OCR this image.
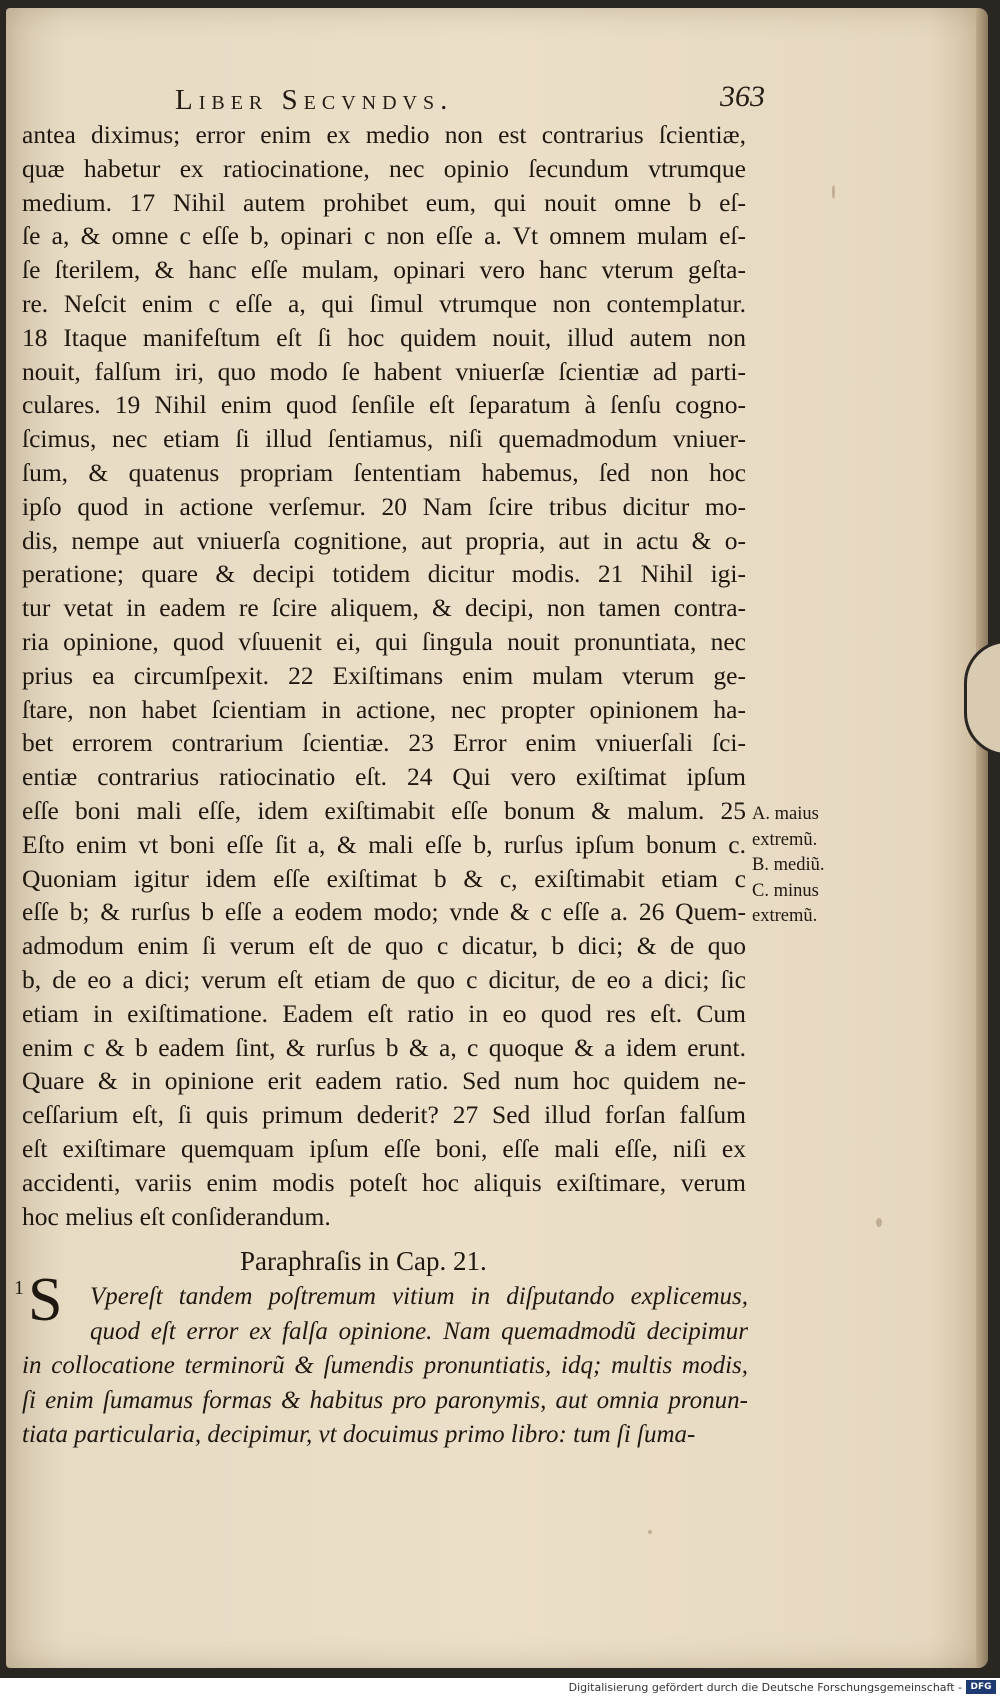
Liber Secvndvs.	363
antea diximus; error enim ex medio non est contrarius ſcientiæ,
quæ habetur ex ratiocinatione, nec opinio ſecundum vtrumque
medium. 17 Nihil autem prohibet eum, qui nouit omne b eſ-
ſe a, & omne c eſſe b, opinari c non eſſe a. Vt omnem mulam eſ-
ſe ſterilem, & hanc eſſe mulam, opinari vero hanc vterum geſta-
re. Neſcit enim c eſſe a, qui ſimul vtrumque non contemplatur.
18 Itaque manifeſtum eſt ſi hoc quidem nouit, illud autem non
nouit, falſum iri, quo modo ſe habent vniuerſæ ſcientiæ ad parti-
culares. 19 Nihil enim quod ſenſile eſt ſeparatum à ſenſu cogno-
ſcimus, nec etiam ſi illud ſentiamus, niſi quemadmodum vniuer-
ſum, & quatenus propriam ſententiam habemus, ſed non hoc
ipſo quod in actione verſemur. 20 Nam ſcire tribus dicitur mo-
dis, nempe aut vniuerſa cognitione, aut propria, aut in actu & o-
peratione; quare & decipi totidem dicitur modis. 21 Nihil igi-
tur vetat in eadem re ſcire aliquem, & decipi, non tamen contra-
ria opinione, quod vſuuenit ei, qui ſingula nouit pronuntiata, nec
prius ea circumſpexit. 22 Exiſtimans enim mulam vterum ge-
ſtare, non habet ſcientiam in actione, nec propter opinionem ha-
bet errorem contrarium ſcientiæ. 23 Error enim vniuerſali ſci-
entiæ contrarius ratiocinatio eſt. 24 Qui vero exiſtimat ipſum
eſſe boni mali eſſe, idem exiſtimabit eſſe bonum & malum. 25
Eſto enim vt boni eſſe ſit a, & mali eſſe b, rurſus ipſum bonum c.
Quoniam igitur idem eſſe exiſtimat b & c, exiſtimabit etiam c
eſſe b; & rurſus b eſſe a eodem modo; vnde & c eſſe a. 26 Quem-
admodum enim ſi verum eſt de quo c dicatur, b dici; & de quo
b, de eo a dici; verum eſt etiam de quo c dicitur, de eo a dici; ſic
etiam in exiſtimatione. Eadem eſt ratio in eo quod res eſt. Cum
enim c & b eadem ſint, & rurſus b & a, c quoque & a idem erunt.
Quare & in opinione erit eadem ratio. Sed num hoc quidem ne-
ceſſarium eſt, ſi quis primum dederit? 27 Sed illud forſan falſum
eſt exiſtimare quemquam ipſum eſſe boni, eſſe mali eſſe, niſi ex
accidenti, variis enim modis poteſt hoc aliquis exiſtimare, verum
hoc melius eſt conſiderandum.
A. maius
extremũ.
B. mediũ.
C. minus
extremũ.
Paraphraſis in Cap. 21.
1 S	Vpereſt tandem poſtremum vitium in diſputando explicemus,
quod eſt error ex falſa opinione. Nam quemadmodũ decipimur
in collocatione terminorũ & ſumendis pronuntiatis, idq; multis modis,
ſi enim ſumamus formas & habitus pro paronymis, aut omnia pronun-
tiata particularia, decipimur, vt docuimus primo libro: tum ſi ſuma-
Digitalisierung gefördert durch die Deutsche Forschungsgemeinschaft - DFG
